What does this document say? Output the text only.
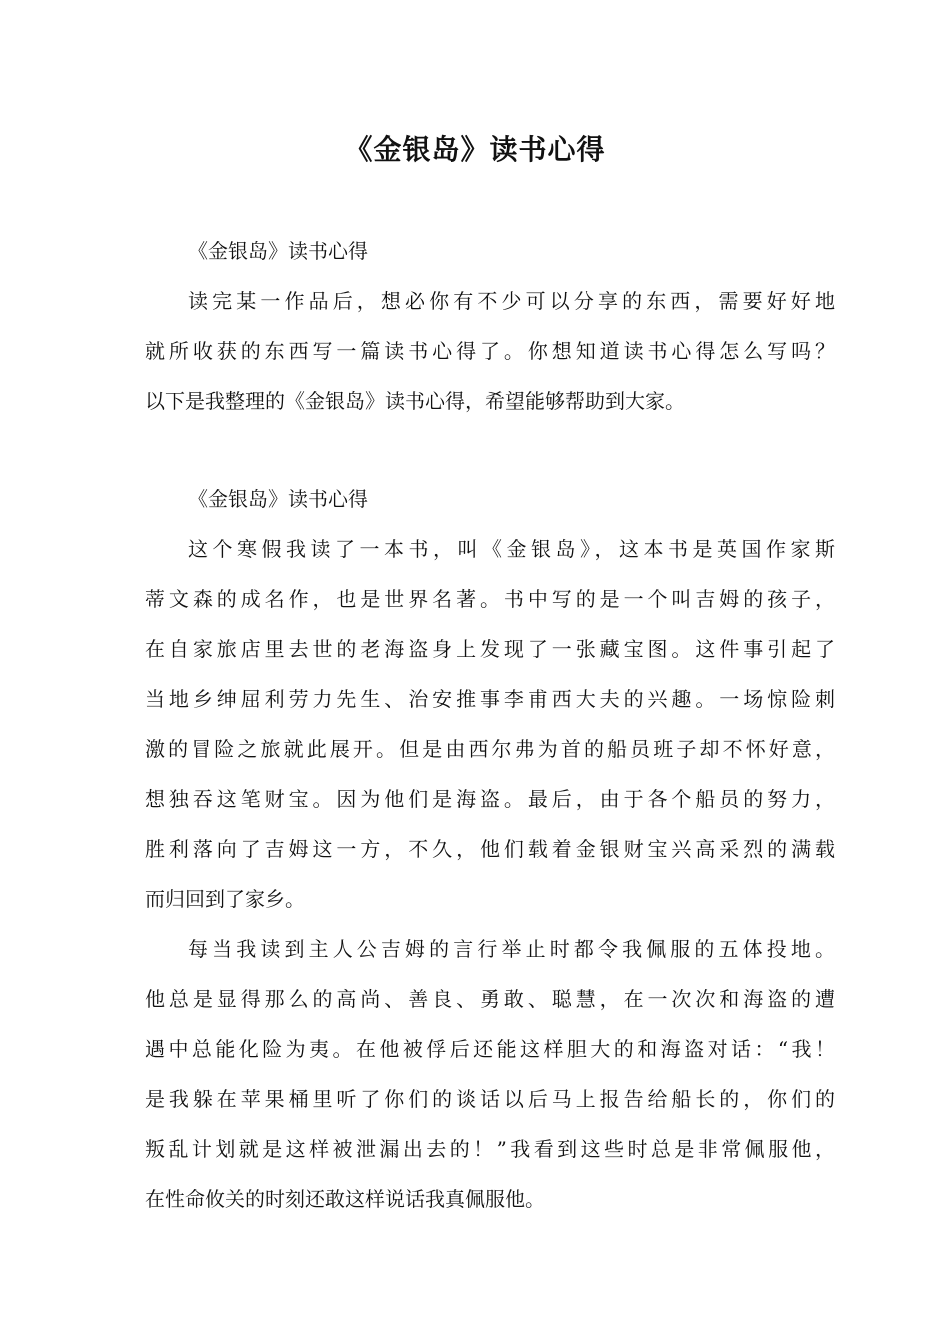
《金银岛》读书心得
《金银岛》读书心得
读完某一作品后，想必你有不少可以分享的东西，需要好好地
就所收获的东西写一篇读书心得了。你想知道读书心得怎么写吗？
以下是我整理的《金银岛》读书心得，希望能够帮助到大家。
《金银岛》读书心得
这个寒假我读了一本书，叫《金银岛》，这本书是英国作家斯
蒂文森的成名作，也是世界名著。书中写的是一个叫吉姆的孩子，
在自家旅店里去世的老海盗身上发现了一张藏宝图。这件事引起了
当地乡绅屈利劳力先生、治安推事李甫西大夫的兴趣。一场惊险刺
激的冒险之旅就此展开。但是由西尔弗为首的船员班子却不怀好意，
想独吞这笔财宝。因为他们是海盗。最后，由于各个船员的努力，
胜利落向了吉姆这一方，不久，他们载着金银财宝兴高采烈的满载
而归回到了家乡。
每当我读到主人公吉姆的言行举止时都令我佩服的五体投地。
他总是显得那么的高尚、善良、勇敢、聪慧，在一次次和海盗的遭
遇中总能化险为夷。在他被俘后还能这样胆大的和海盗对话：“我！
是我躲在苹果桶里听了你们的谈话以后马上报告给船长的，你们的
叛乱计划就是这样被泄漏出去的！”我看到这些时总是非常佩服他，
在性命攸关的时刻还敢这样说话我真佩服他。
